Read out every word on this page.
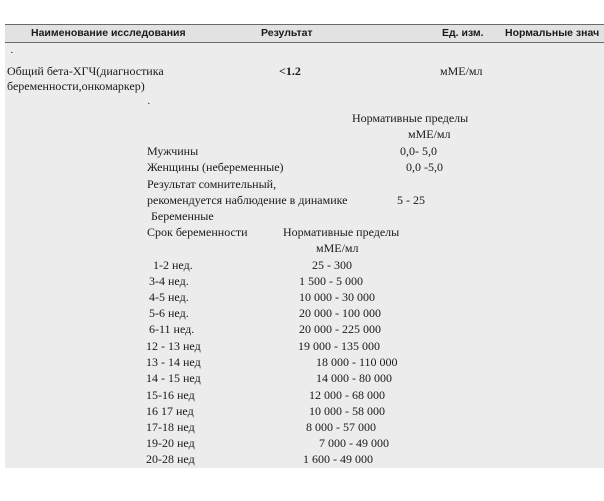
Наименование исследования	Результат	Ед. изм. Нормальные знач
·
Общий бета-ХГЧ(диагностика
беременности,онкомаркер)
<1.2	мМЕ/мл
·
Нормативные пределы
мМЕ/мл
Мужчины	0,0- 5,0
Женщины (небеременные)	0,0 -5,0
Результат сомнительный,
рекомендуется наблюдение в динамике	5 - 25
Беременные
Срок беременности	Нормативные пределы
мМЕ/мл
1-2 нед.	25 - 300
3-4 нед.	1 500 - 5 000
4-5 нед.	10 000 - 30 000
5-6 нед.	20 000 - 100 000
6-11 нед.	20 000 - 225 000
12 - 13 нед	19 000 - 135 000
13 - 14 нед	18 000 - 110 000
14 - 15 нед	14 000 - 80 000
15-16 нед	12 000 - 68 000
16 17 нед	10 000 - 58 000
17-18 нед	8 000 - 57 000
19-20 нед	7 000 - 49 000
20-28 нед	1 600 - 49 000
